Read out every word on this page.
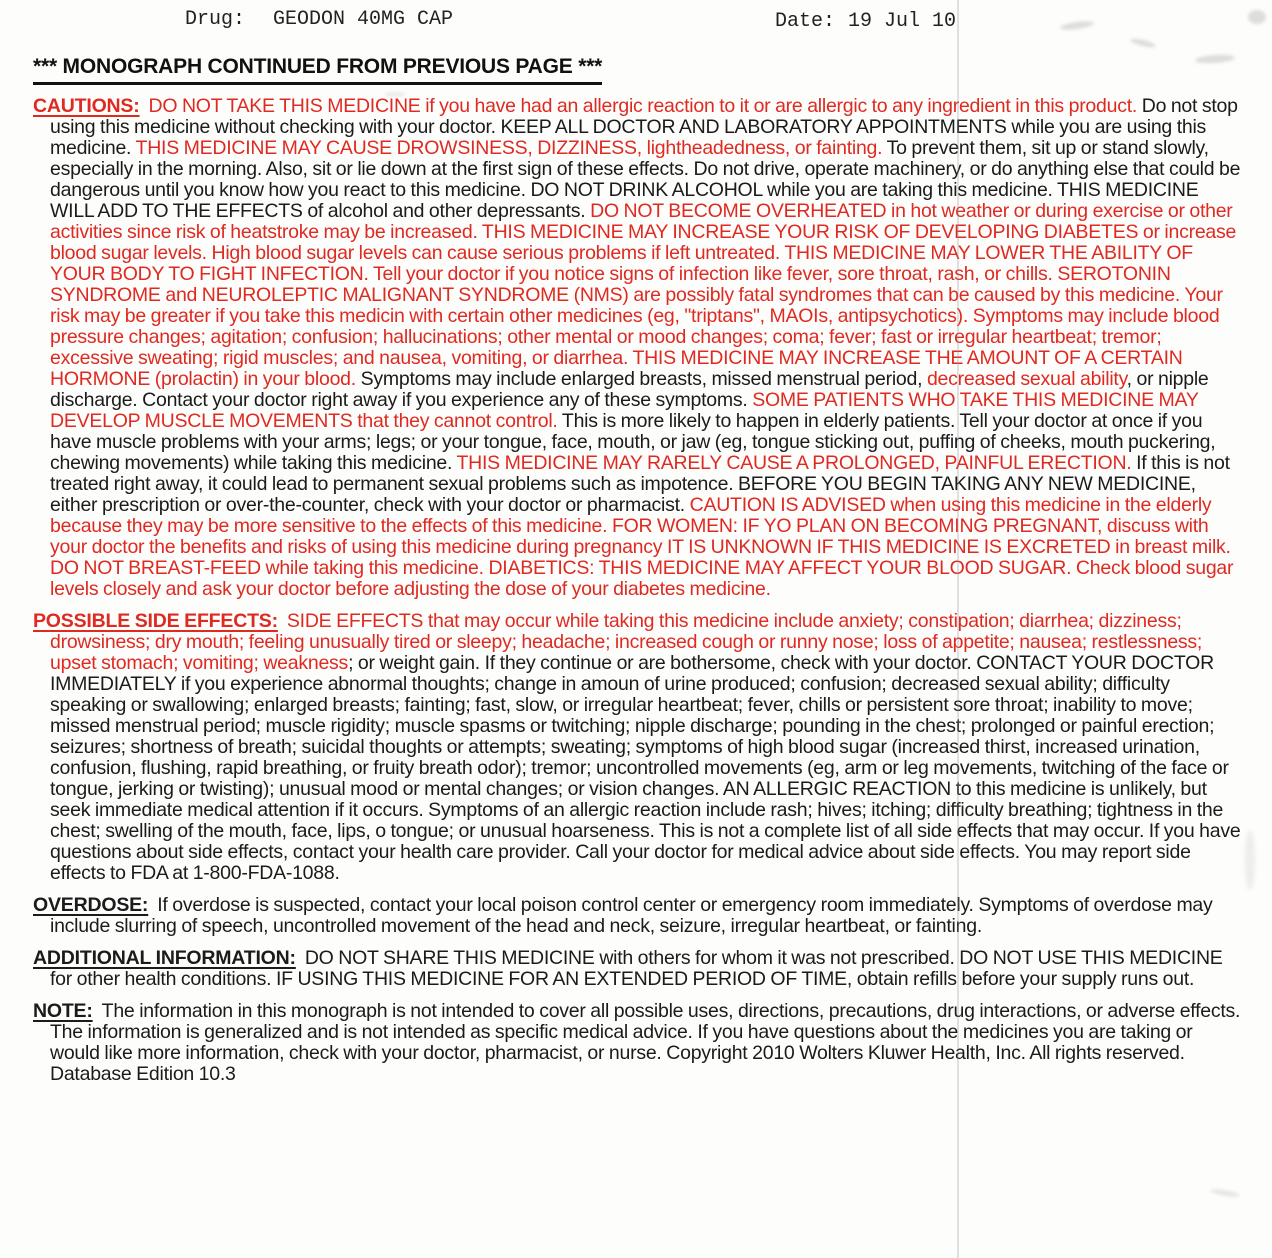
Drug: GEODON 40MG CAP	Date: 19 Jul 10
*** MONOGRAPH CONTINUED FROM PREVIOUS PAGE ***

CAUTIONS: DO NOT TAKE THIS MEDICINE if you have had an allergic reaction to it or are allergic to any ingredient in this product. Do not stop using this medicine without checking with your doctor. KEEP ALL DOCTOR AND LABORATORY APPOINTMENTS while you are using this medicine. THIS MEDICINE MAY CAUSE DROWSINESS, DIZZINESS, lightheadedness, or fainting. To prevent them, sit up or stand slowly, especially in the morning. Also, sit or lie down at the first sign of these effects. Do not drive, operate machinery, or do anything else that could be dangerous until you know how you react to this medicine. DO NOT DRINK ALCOHOL while you are taking this medicine. THIS MEDICINE WILL ADD TO THE EFFECTS of alcohol and other depressants. DO NOT BECOME OVERHEATED in hot weather or during exercise or other activities since risk of heatstroke may be increased. THIS MEDICINE MAY INCREASE YOUR RISK OF DEVELOPING DIABETES or increase blood sugar levels. High blood sugar levels can cause serious problems if left untreated. THIS MEDICINE MAY LOWER THE ABILITY OF YOUR BODY TO FIGHT INFECTION. Tell your doctor if you notice signs of infection like fever, sore throat, rash, or chills. SEROTONIN SYNDROME and NEUROLEPTIC MALIGNANT SYNDROME (NMS) are possibly fatal syndromes that can be caused by this medicine. Your risk may be greater if you take this medicin with certain other medicines (eg, "triptans", MAOIs, antipsychotics). Symptoms may include blood pressure changes; agitation; confusion; hallucinations; other mental or mood changes; coma; fever; fast or irregular heartbeat; tremor; excessive sweating; rigid muscles; and nausea, vomiting, or diarrhea. THIS MEDICINE MAY INCREASE THE AMOUNT OF A CERTAIN HORMONE (prolactin) in your blood. Symptoms may include enlarged breasts, missed menstrual period, decreased sexual ability, or nipple discharge. Contact your doctor right away if you experience any of these symptoms. SOME PATIENTS WHO TAKE THIS MEDICINE MAY DEVELOP MUSCLE MOVEMENTS that they cannot control. This is more likely to happen in elderly patients. Tell your doctor at once if you have muscle problems with your arms; legs; or your tongue, face, mouth, or jaw (eg, tongue sticking out, puffing of cheeks, mouth puckering, chewing movements) while taking this medicine. THIS MEDICINE MAY RARELY CAUSE A PROLONGED, PAINFUL ERECTION. If this is not treated right away, it could lead to permanent sexual problems such as impotence. BEFORE YOU BEGIN TAKING ANY NEW MEDICINE, either prescription or over-the-counter, check with your doctor or pharmacist. CAUTION IS ADVISED when using this medicine in the elderly because they may be more sensitive to the effects of this medicine. FOR WOMEN: IF YO PLAN ON BECOMING PREGNANT, discuss with your doctor the benefits and risks of using this medicine during pregnancy IT IS UNKNOWN IF THIS MEDICINE IS EXCRETED in breast milk. DO NOT BREAST-FEED while taking this medicine. DIABETICS: THIS MEDICINE MAY AFFECT YOUR BLOOD SUGAR. Check blood sugar levels closely and ask your doctor before adjusting the dose of your diabetes medicine.

POSSIBLE SIDE EFFECTS: SIDE EFFECTS that may occur while taking this medicine include anxiety; constipation; diarrhea; dizziness; drowsiness; dry mouth; feeling unusually tired or sleepy; headache; increased cough or runny nose; loss of appetite; nausea; restlessness; upset stomach; vomiting; weakness; or weight gain. If they continue or are bothersome, check with your doctor. CONTACT YOUR DOCTOR IMMEDIATELY if you experience abnormal thoughts; change in amoun of urine produced; confusion; decreased sexual ability; difficulty speaking or swallowing; enlarged breasts; fainting; fast, slow, or irregular heartbeat; fever, chills or persistent sore throat; inability to move; missed menstrual period; muscle rigidity; muscle spasms or twitching; nipple discharge; pounding in the chest; prolonged or painful erection; seizures; shortness of breath; suicidal thoughts or attempts; sweating; symptoms of high blood sugar (increased thirst, increased urination, confusion, flushing, rapid breathing, or fruity breath odor); tremor; uncontrolled movements (eg, arm or leg movements, twitching of the face or tongue, jerking or twisting); unusual mood or mental changes; or vision changes. AN ALLERGIC REACTION to this medicine is unlikely, but seek immediate medical attention if it occurs. Symptoms of an allergic reaction include rash; hives; itching; difficulty breathing; tightness in the chest; swelling of the mouth, face, lips, o tongue; or unusual hoarseness. This is not a complete list of all side effects that may occur. If you have questions about side effects, contact your health care provider. Call your doctor for medical advice about side effects. You may report side effects to FDA at 1-800-FDA-1088.

OVERDOSE: If overdose is suspected, contact your local poison control center or emergency room immediately. Symptoms of overdose may include slurring of speech, uncontrolled movement of the head and neck, seizure, irregular heartbeat, or fainting.

ADDITIONAL INFORMATION: DO NOT SHARE THIS MEDICINE with others for whom it was not prescribed. DO NOT USE THIS MEDICINE for other health conditions. IF USING THIS MEDICINE FOR AN EXTENDED PERIOD OF TIME, obtain refills before your supply runs out.

NOTE: The information in this monograph is not intended to cover all possible uses, directions, precautions, drug interactions, or adverse effects. The information is generalized and is not intended as specific medical advice. If you have questions about the medicines you are taking or would like more information, check with your doctor, pharmacist, or nurse. Copyright 2010 Wolters Kluwer Health, Inc. All rights reserved. Database Edition 10.3
